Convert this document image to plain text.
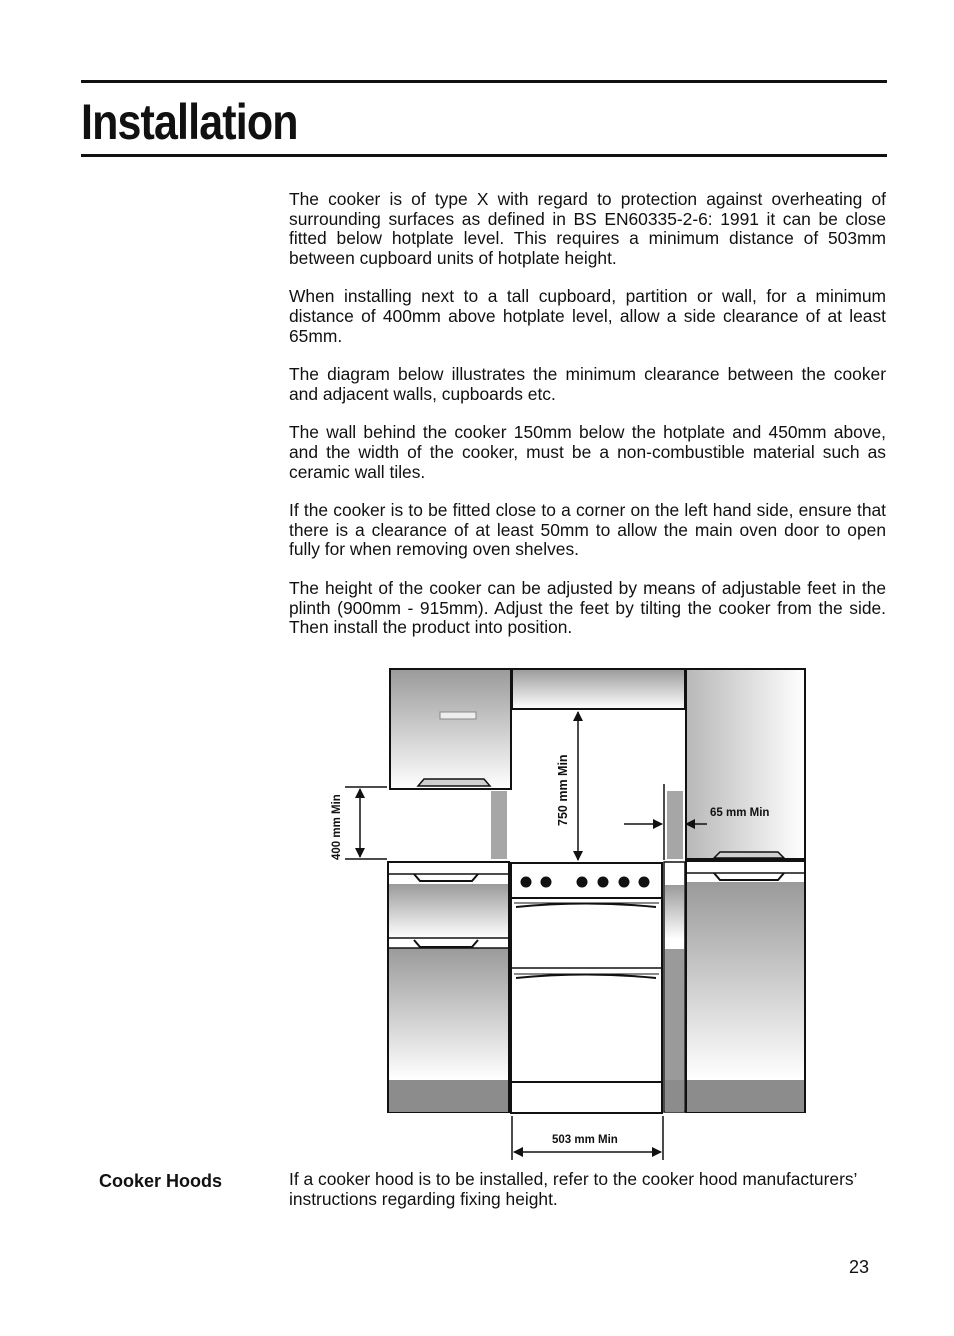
Installation

The cooker is of type X with regard to protection against overheating of surrounding surfaces as defined in BS EN60335-2-6: 1991 it can be close fitted below hotplate level. This requires a minimum distance of 503mm between cupboard units of hotplate height.

When installing next to a tall cupboard, partition or wall, for a minimum distance of 400mm above hotplate level, allow a side clearance of at least 65mm.

The diagram below illustrates the minimum clearance between the cooker and adjacent walls, cupboards etc.

The wall behind the cooker 150mm below the hotplate and 450mm above, and the width of the cooker, must be a non-combustible material such as ceramic wall tiles.

If the cooker is to be fitted close to a corner on the left hand side, ensure that there is a clearance of at least 50mm to allow the main oven door to open fully for when removing oven shelves.

The height of the cooker can be adjusted by means of adjustable feet in the plinth (900mm - 915mm). Adjust the feet by tilting the cooker from the side. Then install the product into position.

400 mm Min
750 mm Min	65 mm Min
503 mm Min

Cooker Hoods	If a cooker hood is to be installed, refer to the cooker hood manufacturers’ instructions regarding fixing height.

23
